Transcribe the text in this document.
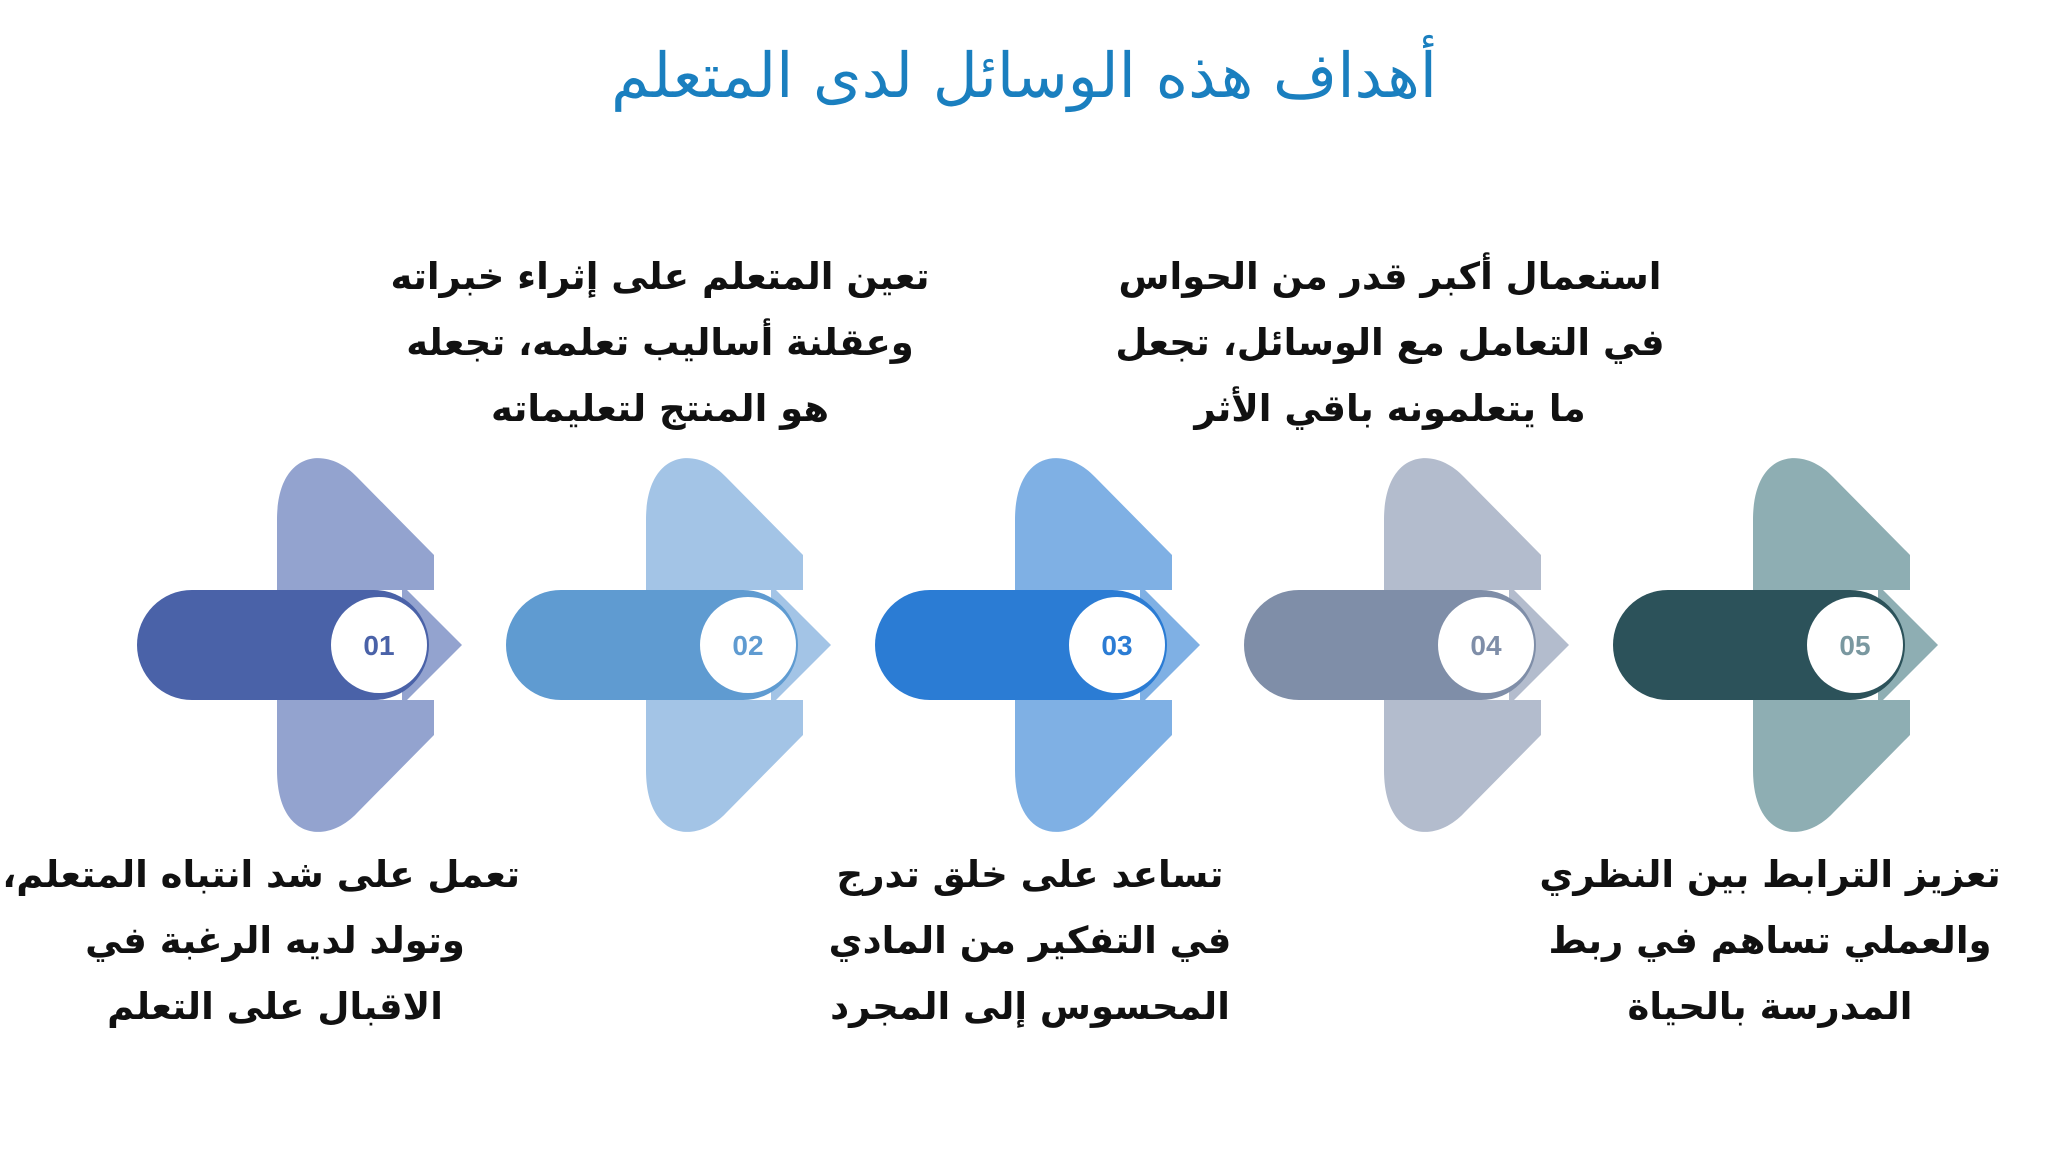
أهداف هذه الوسائل لدى المتعلم
01	02	03	04	05
تعمل على شد انتباه المتعلم،
وتولد لديه الرغبة في
الاقبال على التعلم
تعين المتعلم على إثراء خبراته
وعقلنة أساليب تعلمه، تجعله
هو المنتج لتعليماته
تساعد على خلق تدرج
في التفكير من المادي
المحسوس إلى المجرد
استعمال أكبر قدر من الحواس
في التعامل مع الوسائل، تجعل
ما يتعلمونه باقي الأثر
تعزيز الترابط بين النظري
والعملي تساهم في ربط
المدرسة بالحياة
